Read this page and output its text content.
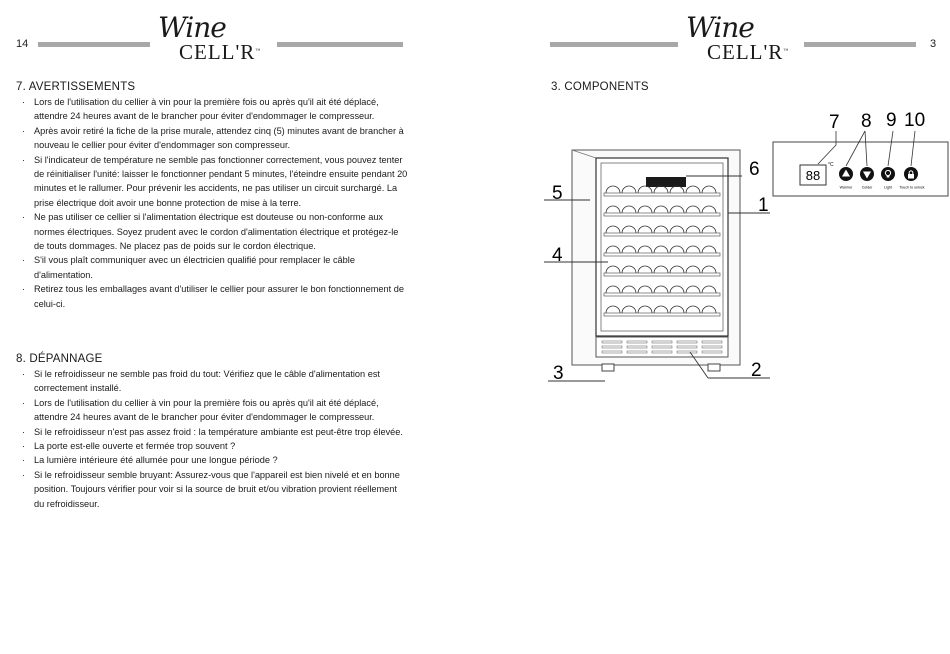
14	Wine
CELL'R™
7. AVERTISSEMENTS
· Lors de l'utilisation du cellier à vin pour la première fois ou après qu'il ait été déplacé, attendre 24 heures avant de le brancher pour éviter d'endommager le compresseur.
· Après avoir retiré la fiche de la prise murale, attendez cinq (5) minutes avant de brancher à nouveau le cellier pour éviter d'endommager son compresseur.
· Si l'indicateur de température ne semble pas fonctionner correctement, vous pouvez tenter de réinitialiser l'unité: laisser le fonctionner pendant 5 minutes, l'éteindre ensuite pendant 20 minutes et le rallumer. Pour prévenir les accidents, ne pas utiliser un circuit surchargé. La prise électrique doit avoir une bonne protection de mise à la terre.
· Ne pas utiliser ce cellier si l'alimentation électrique est douteuse ou non-conforme aux normes électriques. Soyez prudent avec le cordon d'alimentation électrique et protégez-le de touts dommages. Ne placez pas de poids sur le cordon électrique.
· S'il vous plaît communiquer avec un électricien qualifié pour remplacer le câble d'alimentation.
· Retirez tous les emballages avant d'utiliser le cellier pour assurer le bon fonctionnement de celui-ci.
8. DÉPANNAGE
· Si le refroidisseur ne semble pas froid du tout: Vérifiez que le câble d'alimentation est correctement installé.
· Lors de l'utilisation du cellier à vin pour la première fois ou après qu'il ait été déplacé, attendre 24 heures avant de le brancher pour éviter d'endommager le compresseur.
· Si le refroidisseur n'est pas assez froid : la température ambiante est peut-être trop élevée.
· La porte est-elle ouverte et fermée trop souvent ?
· La lumière intérieure été allumée pour une longue période ?
· Si le refroidisseur semble bruyant: Assurez-vous que l'appareil est bien nivelé et en bonne position. Toujours vérifier pour voir si la source de bruit et/ou vibration provient réellement du refroidisseur.
Wine
CELL'R™
3
3. COMPONENTS
5
4
3
6
1
2
88
°C
Warmer	Colder	Light Touch to unlock
7 8 9 10
